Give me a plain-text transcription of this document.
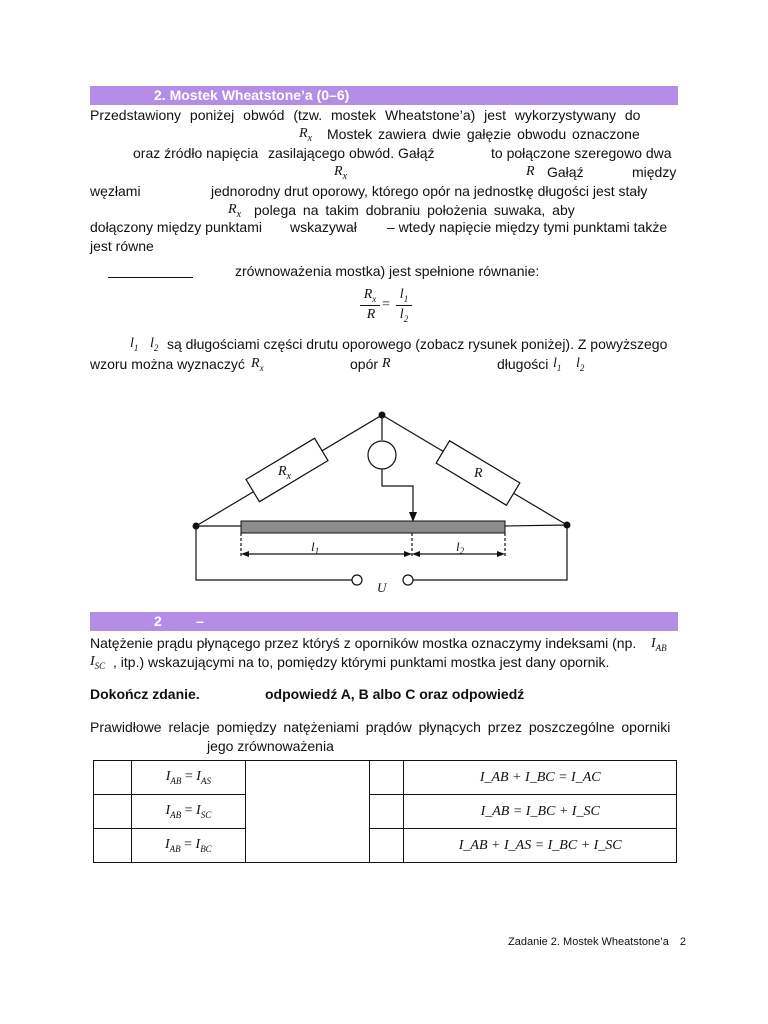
2. Mostek Wheatstone’a (0–6)
Przedstawiony poniżej obwód (tzw. mostek Wheatstone’a) jest wykorzystywany do
$R_x$ Mostek zawiera dwie gałęzie obwodu oznaczone
oraz źródło napięcia zasilającego obwód. Gałąź	to połączone szeregowo dwa
$R_x$	R Gałąź	między
węzłami	jednorodny drut oporowy, którego opór na jednostkę długości jest stały
$R_x$ polega na takim dobraniu położenia suwaka, aby
dołączony między punktami wskazywał – wtedy napięcie między tymi punktami także
jest równe
zrównoważenia mostka) jest spełnione równanie:
$R_x$
R
=
$l_1$
$l_2$
$l_1$ $l_2$ są długościami części drutu oporowego (zobacz rysunek poniżej). Z powyższego
wzoru można wyznaczyć $R_x$	opór R	długości $l_1$ $l_2$
$R_x$	R
$l_1$	$l_2$
U
2 –
Natężenie prądu płynącego przez któryś z oporników mostka oznaczymy indeksami (np. $I_{AB}$
$I_{SC}$ , itp.) wskazującymi na to, pomiędzy którymi punktami mostka jest dany opornik.
Dokończ zdanie.	odpowiedź A, B albo C oraz odpowiedź
Prawidłowe relacje pomiędzy natężeniami prądów płynących przez poszczególne oporniki
jego zrównoważenia
	$I_{AB} = I_{AS}$			I_AB + I_BC = I_AC
	$I_{AB} = I_{SC}$			I_AB = I_BC + I_SC
	$I_{AB} = I_{BC}$			I_AB + I_AS = I_BC + I_SC
Zadanie 2. Mostek Wheatstone’a 2
